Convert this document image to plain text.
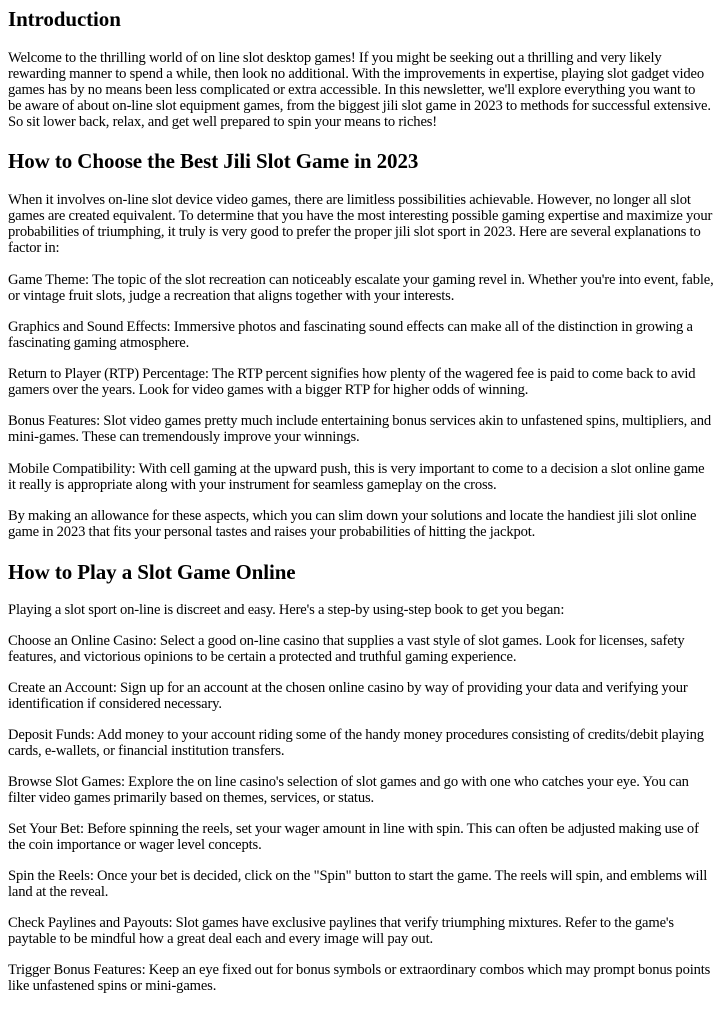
Introduction

Welcome to the thrilling world of on line slot desktop games! If you might be seeking out a thrilling and very likely rewarding manner to spend a while, then look no additional. With the improvements in expertise, playing slot gadget video games has by no means been less complicated or extra accessible. In this newsletter, we'll explore everything you want to be aware of about on-line slot equipment games, from the biggest jili slot game in 2023 to methods for successful extensive. So sit lower back, relax, and get well prepared to spin your means to riches!

How to Choose the Best Jili Slot Game in 2023

When it involves on-line slot device video games, there are limitless possibilities achievable. However, no longer all slot games are created equivalent. To determine that you have the most interesting possible gaming expertise and maximize your probabilities of triumphing, it truly is very good to prefer the proper jili slot sport in 2023. Here are several explanations to factor in:

Game Theme: The topic of the slot recreation can noticeably escalate your gaming revel in. Whether you're into event, fable, or vintage fruit slots, judge a recreation that aligns together with your interests.

Graphics and Sound Effects: Immersive photos and fascinating sound effects can make all of the distinction in growing a fascinating gaming atmosphere.

Return to Player (RTP) Percentage: The RTP percent signifies how plenty of the wagered fee is paid to come back to avid gamers over the years. Look for video games with a bigger RTP for higher odds of winning.

Bonus Features: Slot video games pretty much include entertaining bonus services akin to unfastened spins, multipliers, and mini-games. These can tremendously improve your winnings.

Mobile Compatibility: With cell gaming at the upward push, this is very important to come to a decision a slot online game it really is appropriate along with your instrument for seamless gameplay on the cross.

By making an allowance for these aspects, which you can slim down your solutions and locate the handiest jili slot online game in 2023 that fits your personal tastes and raises your probabilities of hitting the jackpot.

How to Play a Slot Game Online

Playing a slot sport on-line is discreet and easy. Here's a step-by using-step book to get you began:

Choose an Online Casino: Select a good on-line casino that supplies a vast style of slot games. Look for licenses, safety features, and victorious opinions to be certain a protected and truthful gaming experience.

Create an Account: Sign up for an account at the chosen online casino by way of providing your data and verifying your identification if considered necessary.

Deposit Funds: Add money to your account riding some of the handy money procedures consisting of credits/debit playing cards, e-wallets, or financial institution transfers.

Browse Slot Games: Explore the on line casino's selection of slot games and go with one who catches your eye. You can filter video games primarily based on themes, services, or status.

Set Your Bet: Before spinning the reels, set your wager amount in line with spin. This can often be adjusted making use of the coin importance or wager level concepts.

Spin the Reels: Once your bet is decided, click on the "Spin" button to start the game. The reels will spin, and emblems will land at the reveal.

Check Paylines and Payouts: Slot games have exclusive paylines that verify triumphing mixtures. Refer to the game's paytable to be mindful how a great deal each and every image will pay out.

Trigger Bonus Features: Keep an eye fixed out for bonus symbols or extraordinary combos which may prompt bonus points like unfastened spins or mini-games.
